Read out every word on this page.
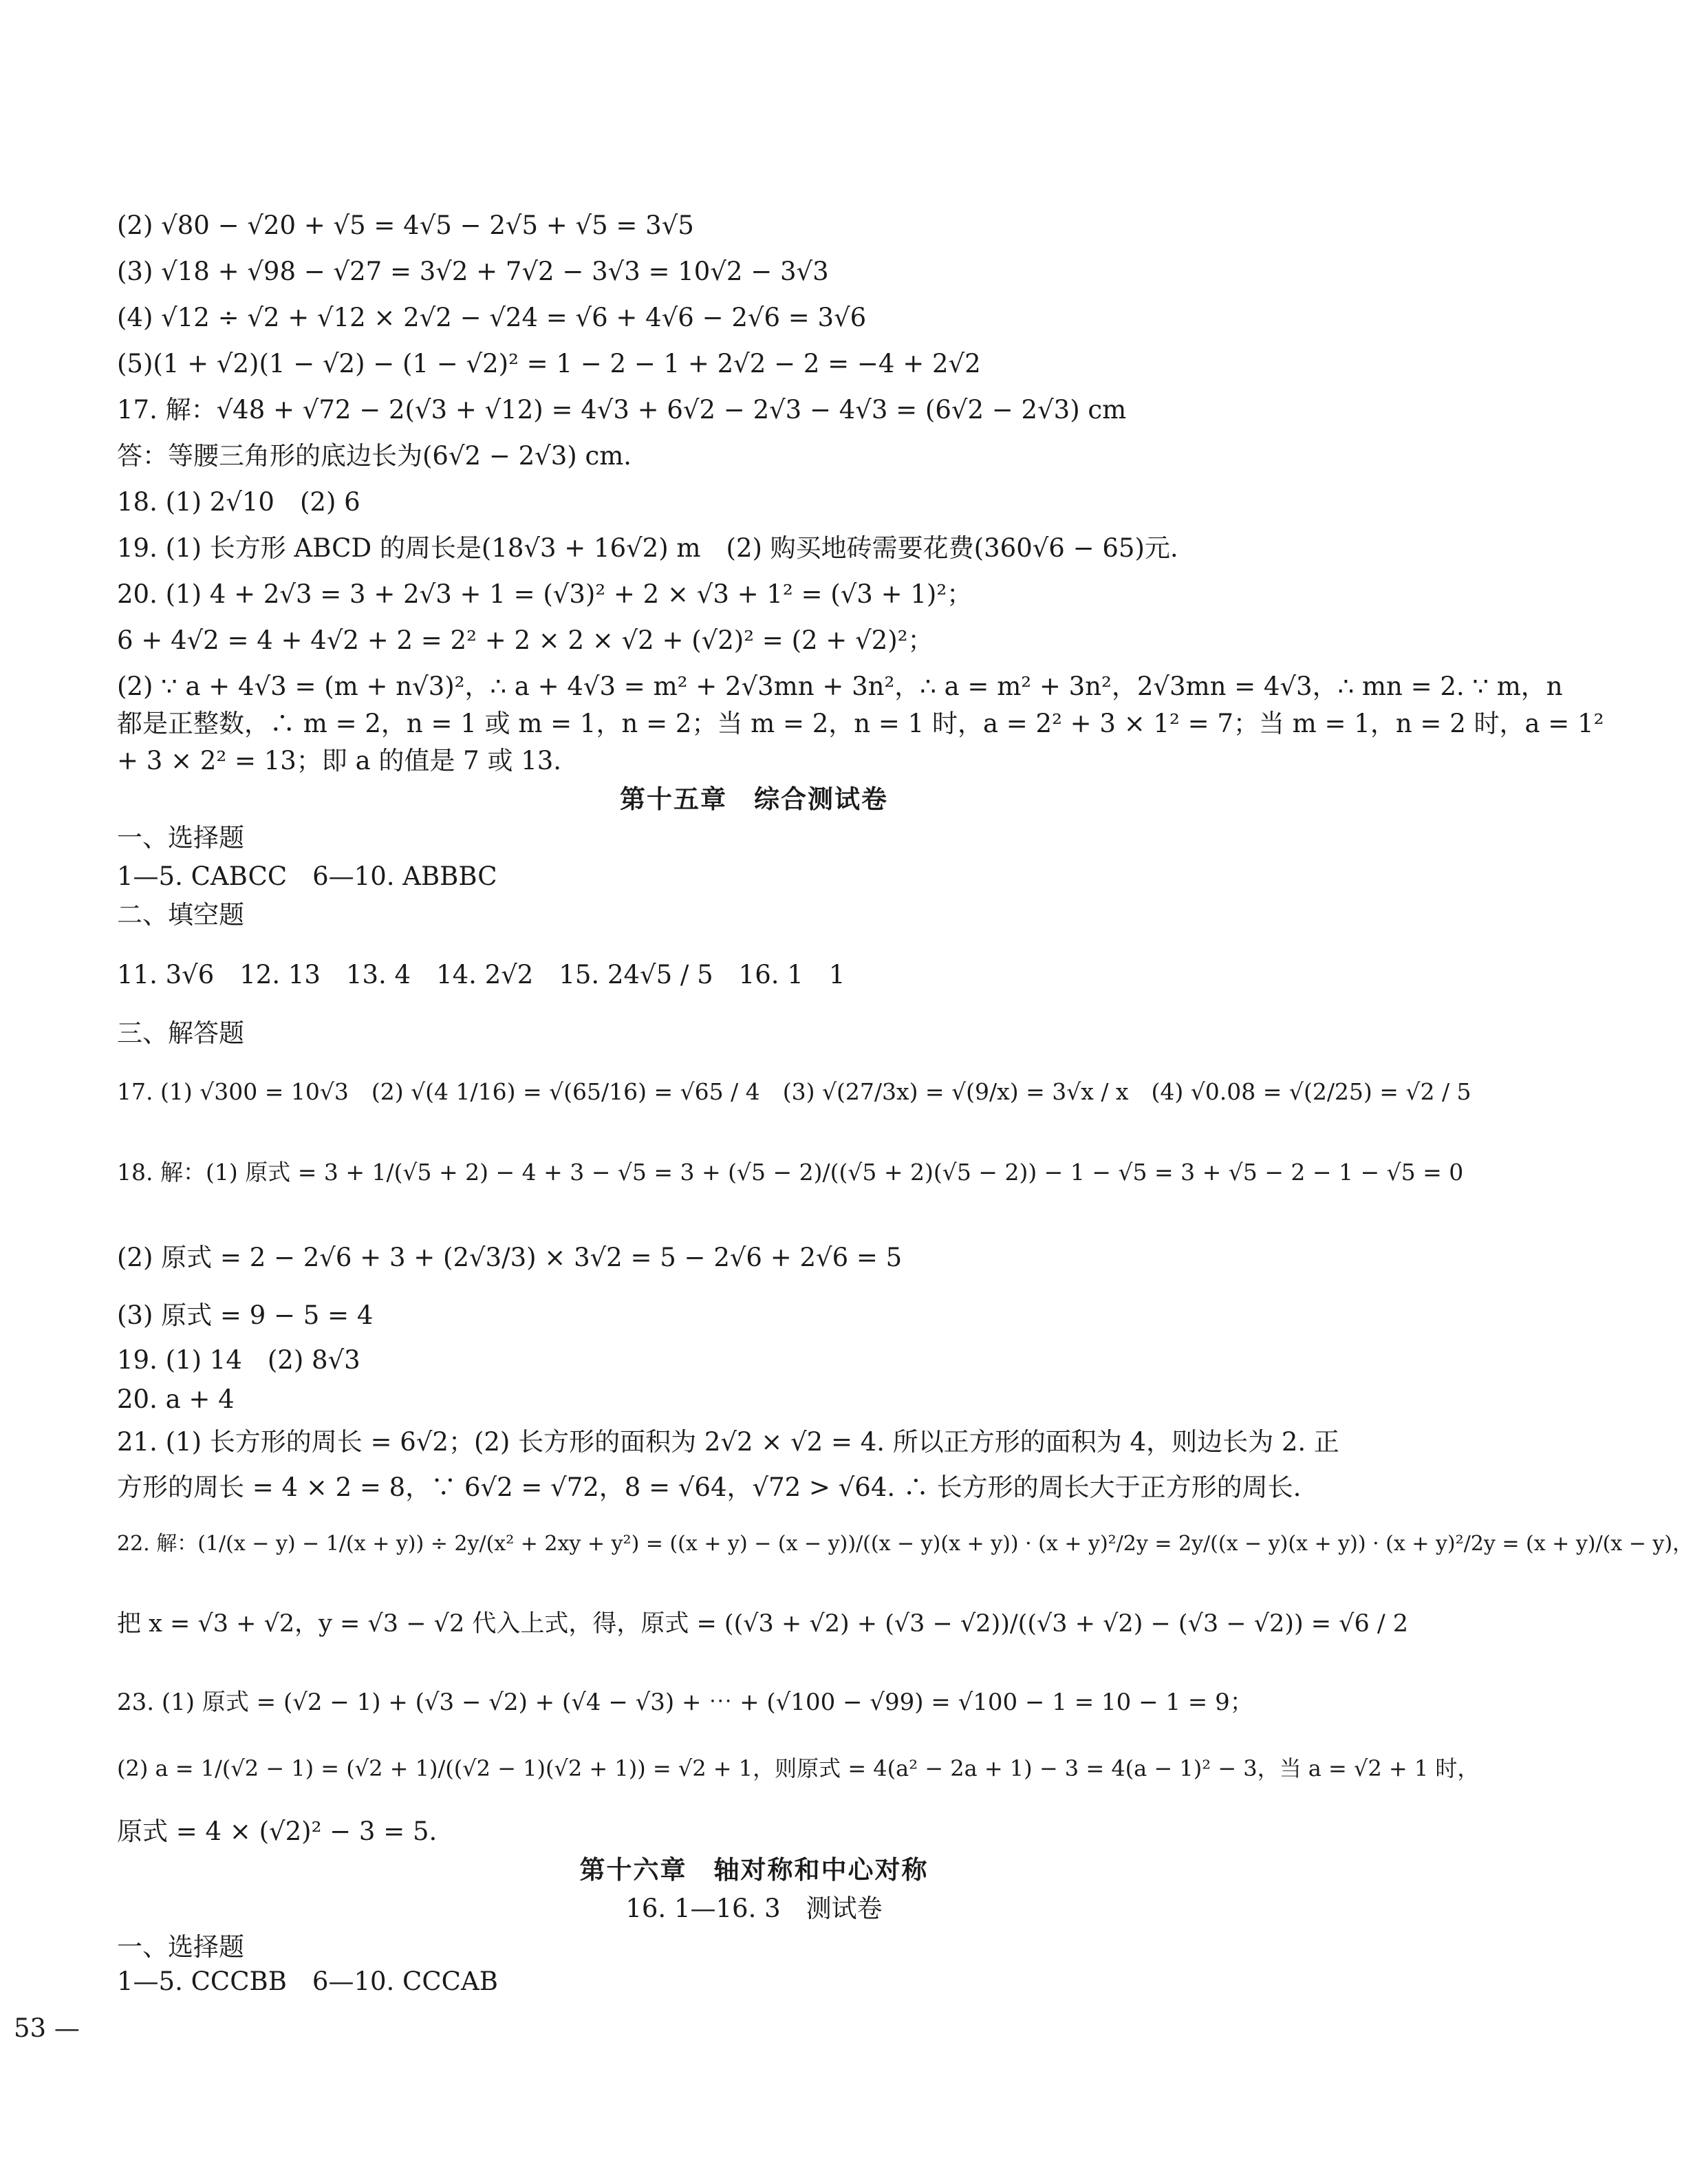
(2) √80 − √20 + √5 = 4√5 − 2√5 + √5 = 3√5
(3) √18 + √98 − √27 = 3√2 + 7√2 − 3√3 = 10√2 − 3√3
(4) √12 ÷ √2 + √12 × 2√2 − √24 = √6 + 4√6 − 2√6 = 3√6
(5)(1 + √2)(1 − √2) − (1 − √2)² = 1 − 2 − 1 + 2√2 − 2 = −4 + 2√2
17. 解：√48 + √72 − 2(√3 + √12) = 4√3 + 6√2 − 2√3 − 4√3 = (6√2 − 2√3) cm
答：等腰三角形的底边长为(6√2 − 2√3) cm.
18. (1) 2√10　(2) 6
19. (1) 长方形 ABCD 的周长是(18√3 + 16√2) m　(2) 购买地砖需要花费(360√6 − 65)元.
20. (1) 4 + 2√3 = 3 + 2√3 + 1 = (√3)² + 2 × √3 + 1² = (√3 + 1)²；
6 + 4√2 = 4 + 4√2 + 2 = 2² + 2 × 2 × √2 + (√2)² = (2 + √2)²；
(2) ∵ a + 4√3 = (m + n√3)²，∴ a + 4√3 = m² + 2√3mn + 3n²，∴ a = m² + 3n²，2√3mn = 4√3，∴ mn = 2. ∵ m，n
都是正整数，∴ m = 2，n = 1 或 m = 1，n = 2；当 m = 2，n = 1 时，a = 2² + 3 × 1² = 7；当 m = 1，n = 2 时，a = 1²
+ 3 × 2² = 13；即 a 的值是 7 或 13.
第十五章　综合测试卷
一、选择题
1—5. CABCC　6—10. ABBBC
二、填空题
11. 3√6　12. 13　13. 4　14. 2√2　15. 24√5 / 5　16. 1　1
三、解答题
17. (1) √300 = 10√3　(2) √(4 1/16) = √(65/16) = √65 / 4　(3) √(27/3x) = √(9/x) = 3√x / x　(4) √0.08 = √(2/25) = √2 / 5
18. 解：(1) 原式 = 3 + 1/(√5 + 2) − 4 + 3 − √5 = 3 + (√5 − 2)/((√5 + 2)(√5 − 2)) − 1 − √5 = 3 + √5 − 2 − 1 − √5 = 0
(2) 原式 = 2 − 2√6 + 3 + (2√3/3) × 3√2 = 5 − 2√6 + 2√6 = 5
(3) 原式 = 9 − 5 = 4
19. (1) 14　(2) 8√3
20. a + 4
21. (1) 长方形的周长 = 6√2；(2) 长方形的面积为 2√2 × √2 = 4. 所以正方形的面积为 4，则边长为 2. 正
方形的周长 = 4 × 2 = 8，∵ 6√2 = √72，8 = √64，√72 > √64. ∴ 长方形的周长大于正方形的周长.
22. 解：(1/(x − y) − 1/(x + y)) ÷ 2y/(x² + 2xy + y²) = ((x + y) − (x − y))/((x − y)(x + y)) · (x + y)²/2y = 2y/((x − y)(x + y)) · (x + y)²/2y = (x + y)/(x − y)，
把 x = √3 + √2，y = √3 − √2 代入上式，得，原式 = ((√3 + √2) + (√3 − √2))/((√3 + √2) − (√3 − √2)) = √6 / 2
23. (1) 原式 = (√2 − 1) + (√3 − √2) + (√4 − √3) + ⋯ + (√100 − √99) = √100 − 1 = 10 − 1 = 9；
(2) a = 1/(√2 − 1) = (√2 + 1)/((√2 − 1)(√2 + 1)) = √2 + 1，则原式 = 4(a² − 2a + 1) − 3 = 4(a − 1)² − 3，当 a = √2 + 1 时，
原式 = 4 × (√2)² − 3 = 5.
第十六章　轴对称和中心对称
16. 1—16. 3　测试卷
一、选择题
1—5. CCCBB　6—10. CCCAB
53 —
